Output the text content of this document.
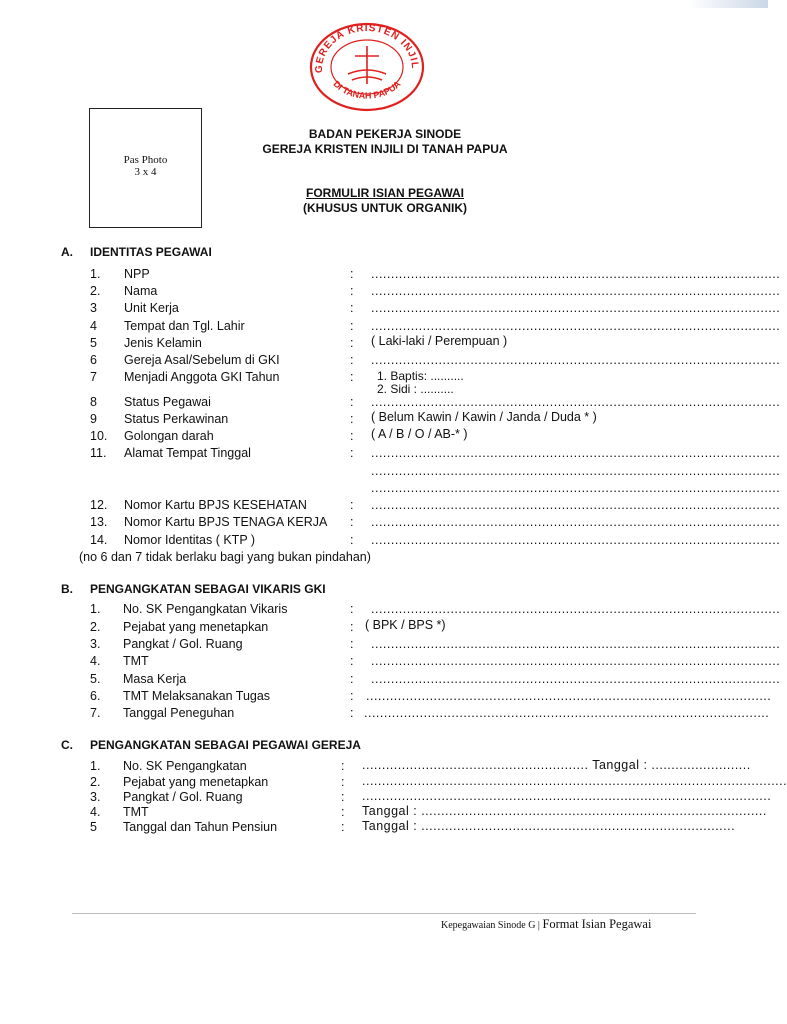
Pas Photo
3 x 4
GEREJA KRISTEN INJIL
DI TANAH PAPUA
BADAN PEKERJA SINODE
GEREJA KRISTEN INJILI DI TANAH PAPUA
FORMULIR ISIAN PEGAWAI
(KHUSUS UNTUK ORGANIK)
A. IDENTITAS PEGAWAI
1. NPP	: .......................................................................................................
2. Nama	: .......................................................................................................
3 Unit Kerja	: .......................................................................................................
4 Tempat dan Tgl. Lahir	: .......................................................................................................
5 Jenis Kelamin	: ( Laki-laki / Perempuan )
6 Gereja Asal/Sebelum di GKI	: .......................................................................................................
7 Menjadi Anggota GKI Tahun	: 1. Baptis: ..........
2. Sidi : ..........
8 Status Pegawai	: .......................................................................................................
9 Status Perkawinan	: ( Belum Kawin / Kawin / Janda / Duda * )
10. Golongan darah	: ( A / B / O / AB-* )
11. Alamat Tempat Tinggal	: .......................................................................................................
.......................................................................................................
.......................................................................................................
12. Nomor Kartu BPJS KESEHATAN	: .......................................................................................................
13. Nomor Kartu BPJS TENAGA KERJA : .......................................................................................................
14. Nomor Identitas ( KTP )	: .......................................................................................................
(no 6 dan 7 tidak berlaku bagi yang bukan pindahan)
B. PENGANGKATAN SEBAGAI VIKARIS GKI
1. No. SK Pengangkatan Vikaris	: .......................................................................................................
2. Pejabat yang menetapkan	: ( BPK / BPS *)
3. Pangkat / Gol. Ruang	: .......................................................................................................
4. TMT	: .......................................................................................................
5. Masa Kerja	: .......................................................................................................
6. TMT Melaksanakan Tugas	: ......................................................................................................
7. Tanggal Peneguhan	: ......................................................................................................
C. PENGANGKATAN SEBAGAI PEGAWAI GEREJA
1. No. SK Pengangkatan	: ......................................................... Tanggal : .........................
2. Pejabat yang menetapkan	: ...........................................................................................................
3. Pangkat / Gol. Ruang	: .......................................................................................................
4. TMT	: Tanggal : .......................................................................................
5 Tanggal dan Tahun Pensiun	: Tanggal : ...............................................................................
Kepegawaian Sinode G | Format Isian Pegawai
